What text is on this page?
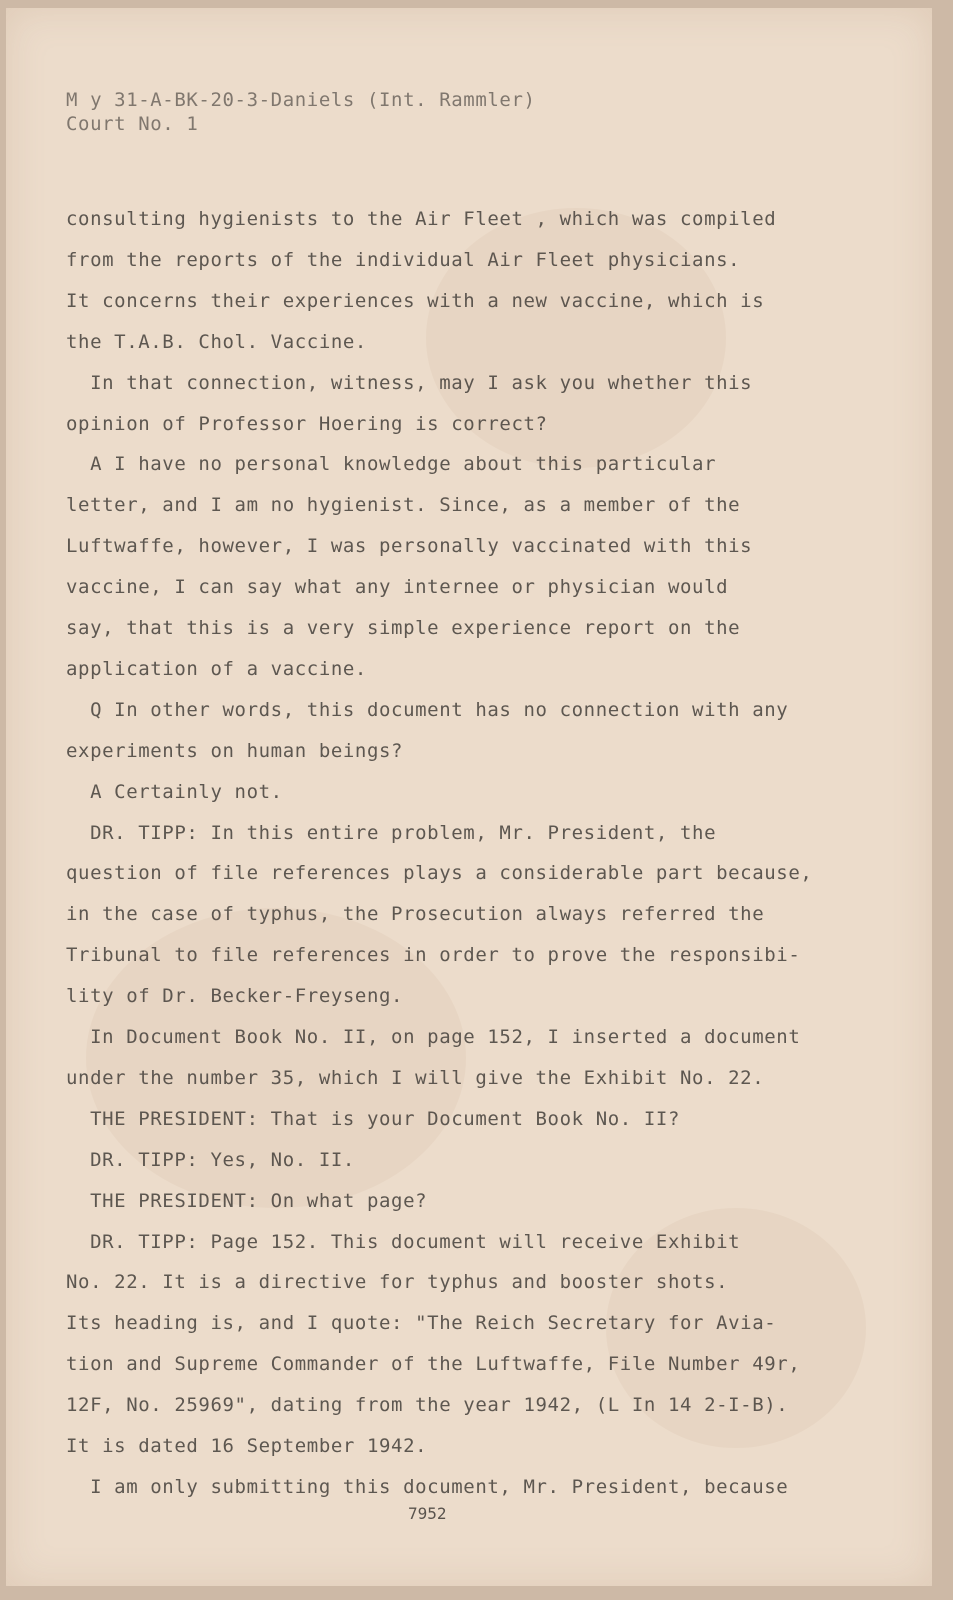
M y 31-A-BK-20-3-Daniels (Int. Rammler)
Court No. 1
consulting hygienists to the Air Fleet , which was compiled
from the reports of the individual Air Fleet physicians.
It concerns their experiences with a new vaccine, which is
the T.A.B. Chol. Vaccine.
In that connection, witness, may I ask you whether this
opinion of Professor Hoering is correct?
A I have no personal knowledge about this particular
letter, and I am no hygienist. Since, as a member of the
Luftwaffe, however, I was personally vaccinated with this
vaccine, I can say what any internee or physician would
say, that this is a very simple experience report on the
application of a vaccine.
Q In other words, this document has no connection with any
experiments on human beings?
A Certainly not.
DR. TIPP: In this entire problem, Mr. President, the
question of file references plays a considerable part because,
in the case of typhus, the Prosecution always referred the
Tribunal to file references in order to prove the responsibi-
lity of Dr. Becker-Freyseng.
In Document Book No. II, on page 152, I inserted a document
under the number 35, which I will give the Exhibit No. 22.
THE PRESIDENT: That is your Document Book No. II?
DR. TIPP: Yes, No. II.
THE PRESIDENT: On what page?
DR. TIPP: Page 152. This document will receive Exhibit
No. 22. It is a directive for typhus and booster shots.
Its heading is, and I quote: "The Reich Secretary for Avia-
tion and Supreme Commander of the Luftwaffe, File Number 49r,
12F, No. 25969", dating from the year 1942, (L In 14 2-I-B).
It is dated 16 September 1942.
I am only submitting this document, Mr. President, because
7952
